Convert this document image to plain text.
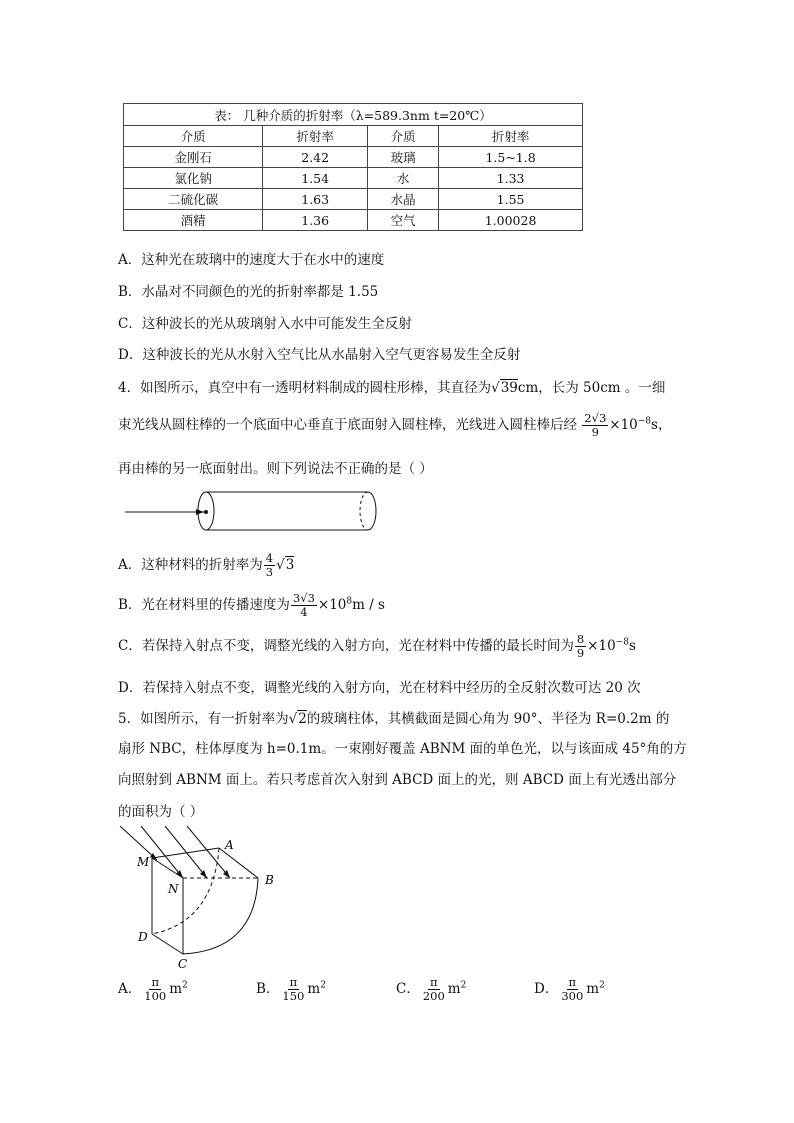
表： 几种介质的折射率（λ=589.3nm t=20℃）			
介质	折射率	介质	折射率
金刚石	2.42	玻璃	1.5~1.8
氯化钠	1.54	水	1.33
二硫化碳	1.63	水晶	1.55
酒精	1.36	空气	1.00028
A．这种光在玻璃中的速度大于在水中的速度
B．水晶对不同颜色的光的折射率都是 1.55
C．这种波长的光从玻璃射入水中可能发生全反射
D．这种波长的光从水射入空气比从水晶射入空气更容易发生全反射
4．如图所示，真空中有一透明材料制成的圆柱形棒，其直径为√39cm，长为 50cm 。一细
束光线从圆柱棒的一个底面中心垂直于底面射入圆柱棒，光线进入圆柱棒后经 $\frac{2√3}{9} \times 10^{-8}s$，
再由棒的另一底面射出。则下列说法不正确的是（ ）
A．这种材料的折射率为 $\frac{4}{3} √3$
B．光在材料里的传播速度为 $\frac{3√3}{4} \times 10^8m / s$
C．若保持入射点不变，调整光线的入射方向，光在材料中传播的最长时间为 $\frac{8}{9} \times 10^{-8}s$
D．若保持入射点不变，调整光线的入射方向，光在材料中经历的全反射次数可达 20 次
5．如图所示，有一折射率为√2的玻璃柱体，其横截面是圆心角为 90°、半径为 R=0.2m 的
扇形 NBC，柱体厚度为 h=0.1m。一束刚好覆盖 ABNM 面的单色光，以与该面成 45°角的方
向照射到 ABNM 面上。若只考虑首次入射到 ABCD 面上的光，则 ABCD 面上有光透出部分
的面积为（ ）
M
A
N
B
D
C
A． $\frac{\pi}{100} m^2$	B． $\frac{\pi}{150} m^2$	C． $\frac{\pi}{200} m^2$	D． $\frac{\pi}{300} m^2$
